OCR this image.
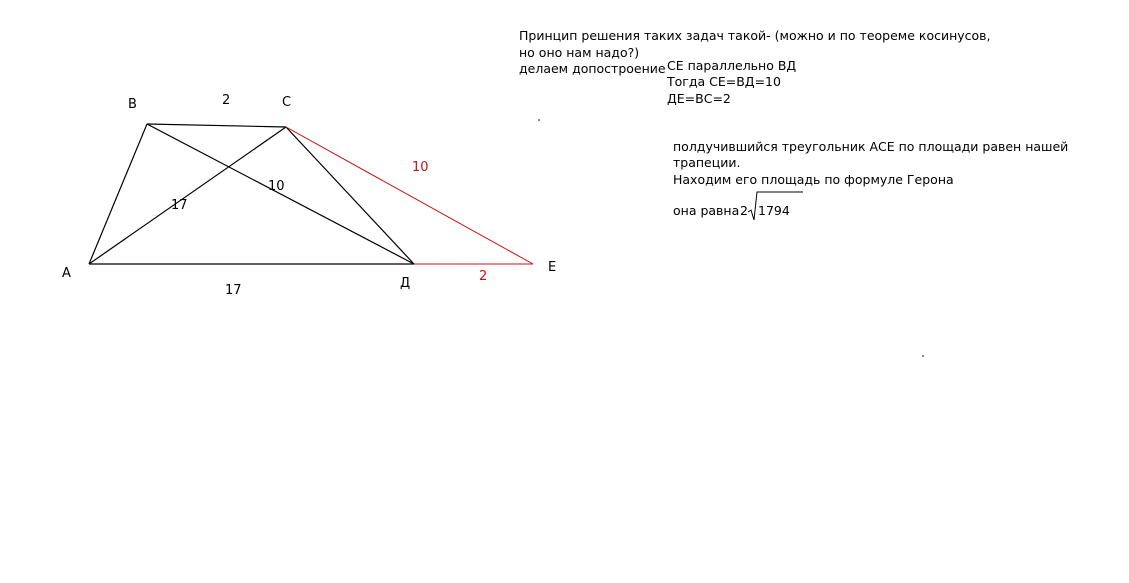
А
В	С
Д
Е
2
17
10
17
10
2
Принцип решения таких задач такой- (можно и по теореме косинусов,
но оно нам надо?)
делаем допостроение СЕ параллельно ВД
Тогда СЕ=ВД=10
ДЕ=ВС=2
полдучившийся треугольник АСЕ по площади равен нашей
трапеции.
Находим его площадь по формуле Герона
она равна 2 1794
